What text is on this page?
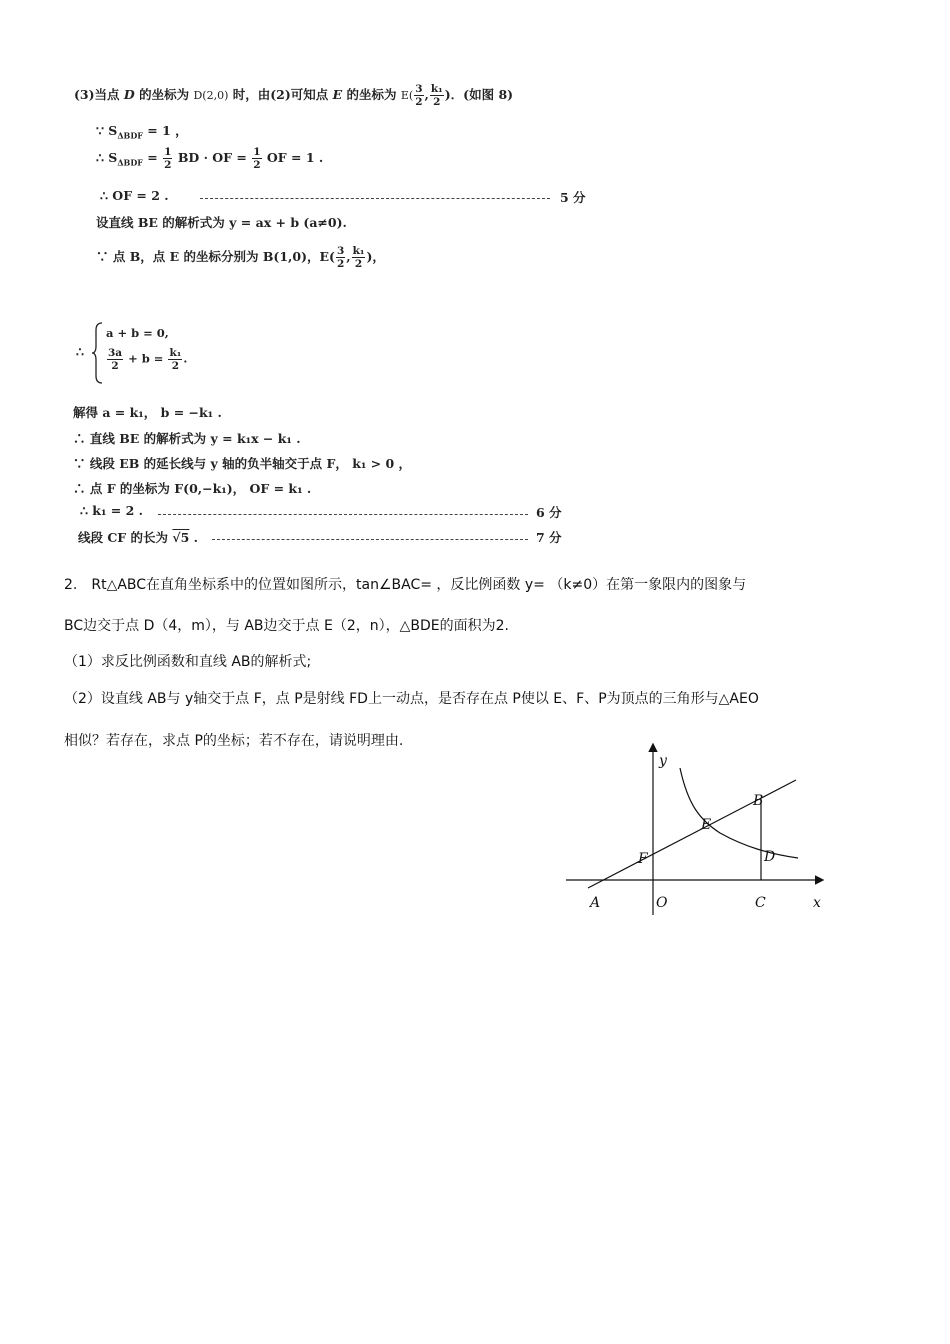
(3)当点 D 的坐标为 D(2,0) 时，由(2)可知点 E 的坐标为 $E( \frac{3}{2}$ , $\frac{\text{k₁}}{2}$ )．(如图 8)
∵ $S_{\Delta BDF} = 1$ ，
∴ $S_{\Delta BDF} = \frac{1}{2}$ BD · OF = $\frac{1}{2}$ OF = 1 .
∴ OF = 2 .	5 分
设直线 BE 的解析式为 y = ax + b (a≠0).
∵ 点 B，点 E 的坐标分别为 B(1,0)，$E( \frac{3}{2}$ , $\frac{\text{k₁}}{2}$ )，
∴
a + b = 0,
$\frac{3a}{2} + b = \frac{\text{k₁}}{2}$ .
解得 a = k₁， b = −k₁ .
∴ 直线 BE 的解析式为 y = k₁x − k₁ .
∵ 线段 EB 的延长线与 y 轴的负半轴交于点 F， k₁ > 0 ，
∴ 点 F 的坐标为 F(0,−k₁)， OF = k₁ .
∴ k₁ = 2 .	6 分
线段 CF 的长为 √5 .	7 分
2.　Rt△ABC在直角坐标系中的位置如图所示，tan∠BAC= ，反比例函数 y= （k≠0）在第一象限内的图象与
BC边交于点 D（4，m），与 AB边交于点 E（2，n），△BDE的面积为2.
（1）求反比例函数和直线 AB的解析式;
（2）设直线 AB与 y轴交于点 F，点 P是射线 FD上一动点，是否存在点 P使以 E、F、P为顶点的三角形与△AEO
相似？若存在，求点 P的坐标；若不存在，请说明理由.
y
x
A	O	C
B
E
F	D
